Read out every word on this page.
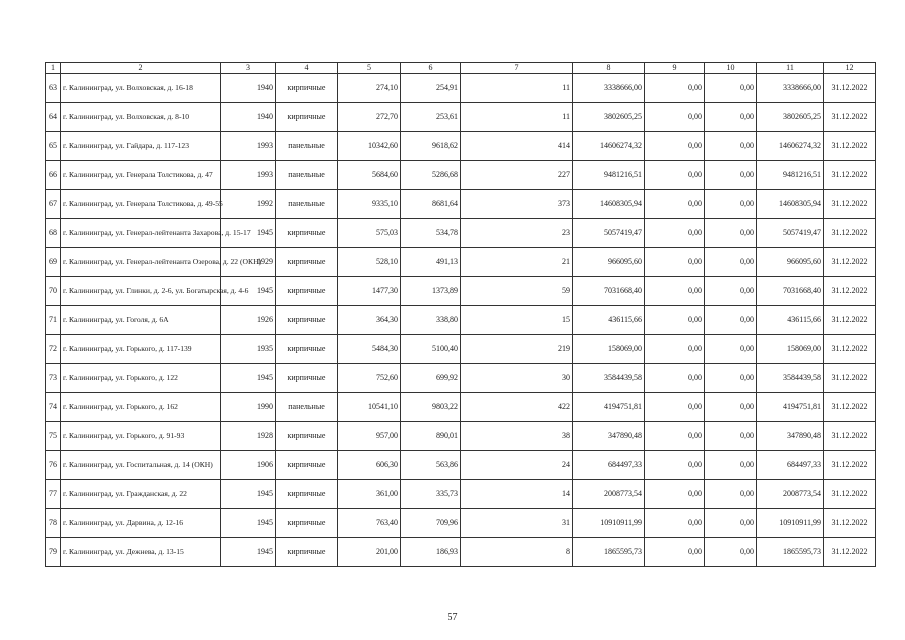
1	2	3	4	5	6	7	8	9	10	11	12
63	г. Калининград, ул. Волховская, д. 16-18	1940	кирпичные	274,10	254,91	11	3338666,00	0,00	0,00	3338666,00	31.12.2022
64	г. Калининград, ул. Волховская, д. 8-10	1940	кирпичные	272,70	253,61	11	3802605,25	0,00	0,00	3802605,25	31.12.2022
65	г. Калининград, ул. Гайдара, д. 117-123	1993	панельные	10342,60	9618,62	414	14606274,32	0,00	0,00	14606274,32	31.12.2022
66	г. Калининград, ул. Генерала Толстикова, д. 47	1993	панельные	5684,60	5286,68	227	9481216,51	0,00	0,00	9481216,51	31.12.2022
67	г. Калининград, ул. Генерала Толстикова, д. 49-55	1992	панельные	9335,10	8681,64	373	14608305,94	0,00	0,00	14608305,94	31.12.2022
68	г. Калининград, ул. Генерал-лейтенанта Захарова, д. 15-17	1945	кирпичные	575,03	534,78	23	5057419,47	0,00	0,00	5057419,47	31.12.2022
69	г. Калининград, ул. Генерал-лейтенанта Озерова, д. 22 (ОКН)	1929	кирпичные	528,10	491,13	21	966095,60	0,00	0,00	966095,60	31.12.2022
70	г. Калининград, ул. Глинки, д. 2-6, ул. Богатырская, д. 4-6	1945	кирпичные	1477,30	1373,89	59	7031668,40	0,00	0,00	7031668,40	31.12.2022
71	г. Калининград, ул. Гоголя, д. 6А	1926	кирпичные	364,30	338,80	15	436115,66	0,00	0,00	436115,66	31.12.2022
72	г. Калининград, ул. Горького, д. 117-139	1935	кирпичные	5484,30	5100,40	219	158069,00	0,00	0,00	158069,00	31.12.2022
73	г. Калининград, ул. Горького, д. 122	1945	кирпичные	752,60	699,92	30	3584439,58	0,00	0,00	3584439,58	31.12.2022
74	г. Калининград, ул. Горького, д. 162	1990	панельные	10541,10	9803,22	422	4194751,81	0,00	0,00	4194751,81	31.12.2022
75	г. Калининград, ул. Горького, д. 91-93	1928	кирпичные	957,00	890,01	38	347890,48	0,00	0,00	347890,48	31.12.2022
76	г. Калининград, ул. Госпитальная, д. 14 (ОКН)	1906	кирпичные	606,30	563,86	24	684497,33	0,00	0,00	684497,33	31.12.2022
77	г. Калининград, ул. Гражданская, д. 22	1945	кирпичные	361,00	335,73	14	2008773,54	0,00	0,00	2008773,54	31.12.2022
78	г. Калининград, ул. Дарвина, д. 12-16	1945	кирпичные	763,40	709,96	31	10910911,99	0,00	0,00	10910911,99	31.12.2022
79	г. Калининград, ул. Дежнева, д. 13-15	1945	кирпичные	201,00	186,93	8	1865595,73	0,00	0,00	1865595,73	31.12.2022
57
